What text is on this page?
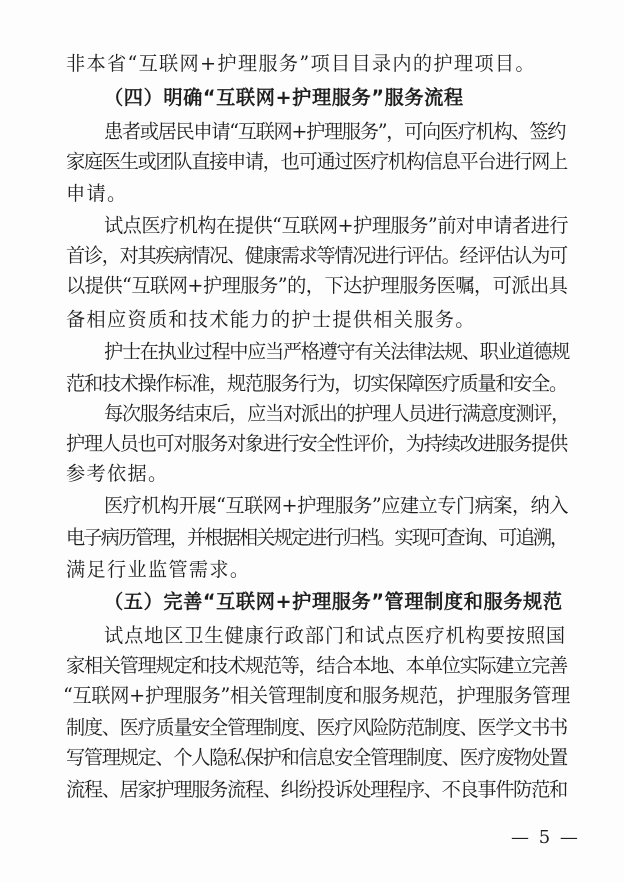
非本省“互联网+护理服务”项目目录内的护理项目。
（四）明确“互联网+护理服务”服务流程
患者或居民申请“互联网+护理服务”，可向医疗机构、签约
家庭医生或团队直接申请，也可通过医疗机构信息平台进行网上
申请。
试点医疗机构在提供“互联网+护理服务”前对申请者进行
首诊，对其疾病情况、健康需求等情况进行评估。经评估认为可
以提供“互联网+护理服务”的，下达护理服务医嘱，可派出具
备相应资质和技术能力的护士提供相关服务。
护士在执业过程中应当严格遵守有关法律法规、职业道德规
范和技术操作标准，规范服务行为，切实保障医疗质量和安全。
每次服务结束后，应当对派出的护理人员进行满意度测评，
护理人员也可对服务对象进行安全性评价，为持续改进服务提供
参考依据。
医疗机构开展“互联网+护理服务”应建立专门病案，纳入
电子病历管理，并根据相关规定进行归档。实现可查询、可追溯，
满足行业监管需求。
（五）完善“互联网+护理服务”管理制度和服务规范
试点地区卫生健康行政部门和试点医疗机构要按照国
家相关管理规定和技术规范等，结合本地、本单位实际建立完善
“互联网+护理服务”相关管理制度和服务规范，护理服务管理
制度、医疗质量安全管理制度、医疗风险防范制度、医学文书书
写管理规定、个人隐私保护和信息安全管理制度、医疗废物处置
流程、居家护理服务流程、纠纷投诉处理程序、不良事件防范和
— 5 —
